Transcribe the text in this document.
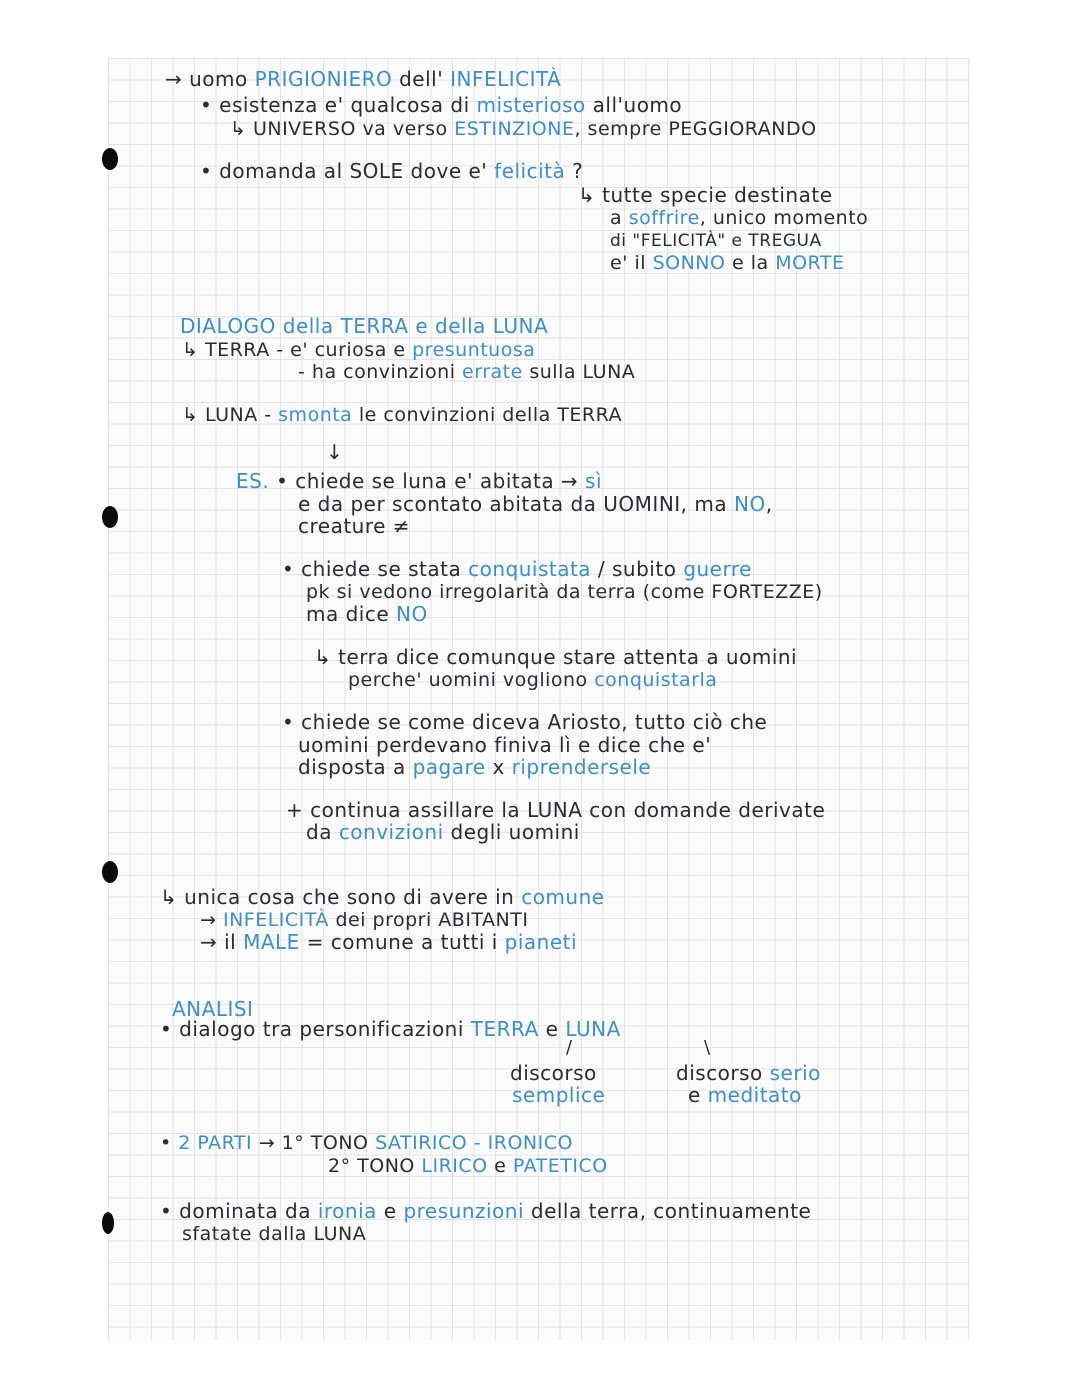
→ uomo PRIGIONIERO dell' INFELICITÀ
• esistenza e' qualcosa di misterioso all'uomo
↳ UNIVERSO va verso ESTINZIONE, sempre PEGGIORANDO
• domanda al SOLE dove e' felicità ?
↳ tutte specie destinate
a soffrire, unico momento
di "FELICITÀ" e TREGUA
e' il SONNO e la MORTE
DIALOGO della TERRA e della LUNA
↳ TERRA - e' curiosa e presuntuosa
- ha convinzioni errate sulla LUNA
↳ LUNA - smonta le convinzioni della TERRA
↓
ES. • chiede se luna e' abitata → sì
e da per scontato abitata da UOMINI, ma NO,
creature ≠
• chiede se stata conquistata / subito guerre
pk si vedono irregolarità da terra (come FORTEZZE)
ma dice NO
↳ terra dice comunque stare attenta a uomini
perche' uomini vogliono conquistarla
• chiede se come diceva Ariosto, tutto ciò che
uomini perdevano finiva lì e dice che e'
disposta a pagare x riprendersele
+ continua assillare la LUNA con domande derivate
da convizioni degli uomini
↳ unica cosa che sono di avere in comune
→ INFELICITÀ dei propri ABITANTI
→ il MALE = comune a tutti i pianeti
ANALISI
• dialogo tra personificazioni TERRA e LUNA
/	\
discorso
semplice
discorso serio
e meditato
• 2 PARTI → 1° TONO SATIRICO - IRONICO
2° TONO LIRICO e PATETICO
• dominata da ironia e presunzioni della terra, continuamente
sfatate dalla LUNA
